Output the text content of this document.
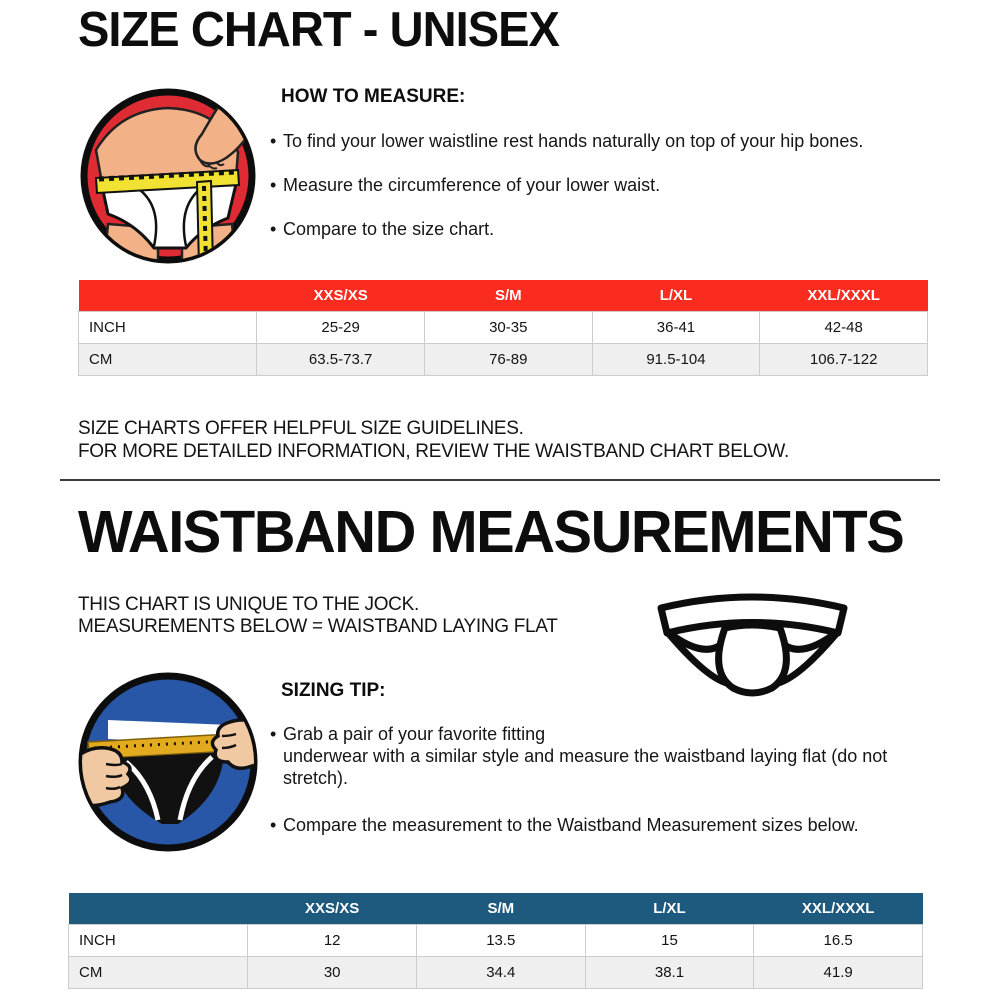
SIZE CHART - UNISEX
HOW TO MEASURE:
• To find your lower waistline rest hands naturally on top of your hip bones.
• Measure the circumference of your lower waist.
• Compare to the size chart.
	XXS/XS	S/M	L/XL	XXL/XXXL
INCH	25-29	30-35	36-41	42-48
CM	63.5-73.7	76-89	91.5-104	106.7-122
SIZE CHARTS OFFER HELPFUL SIZE GUIDELINES.
FOR MORE DETAILED INFORMATION, REVIEW THE WAISTBAND CHART BELOW.
WAISTBAND MEASUREMENTS
THIS CHART IS UNIQUE TO THE JOCK.
MEASUREMENTS BELOW = WAISTBAND LAYING FLAT
SIZING TIP:
• Grab a pair of your favorite fitting
underwear with a similar style and measure the waistband laying flat (do not stretch).
• Compare the measurement to the Waistband Measurement sizes below.
	XXS/XS	S/M	L/XL	XXL/XXXL
INCH	12	13.5	15	16.5
CM	30	34.4	38.1	41.9
